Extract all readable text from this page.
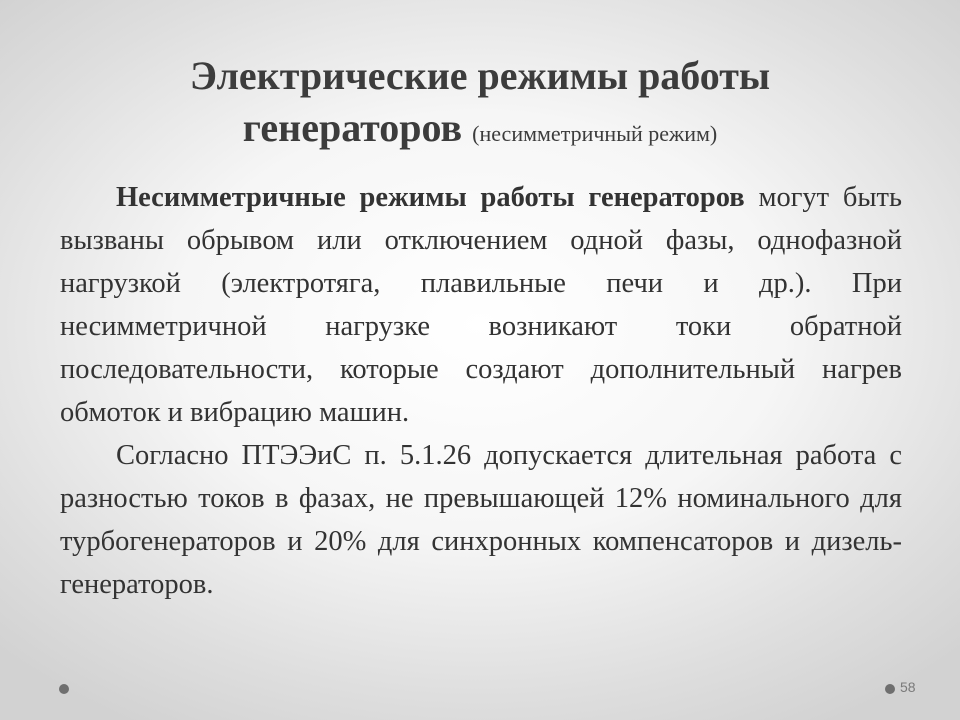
Электрические режимы работы
генераторов (несимметричный режим)

Несимметричные режимы работы генераторов могут быть вызваны обрывом или отключением одной фазы, однофазной нагрузкой (электротяга, плавильные печи и др.). При несимметричной нагрузке возникают токи обратной последовательности, которые создают дополнительный нагрев обмоток и вибрацию машин.

Согласно ПТЭЭиС п. 5.1.26 допускается длительная работа с разностью токов в фазах, не превышающей 12% номинального для турбогенераторов и 20% для синхронных компенсаторов и дизель-генераторов.

58
